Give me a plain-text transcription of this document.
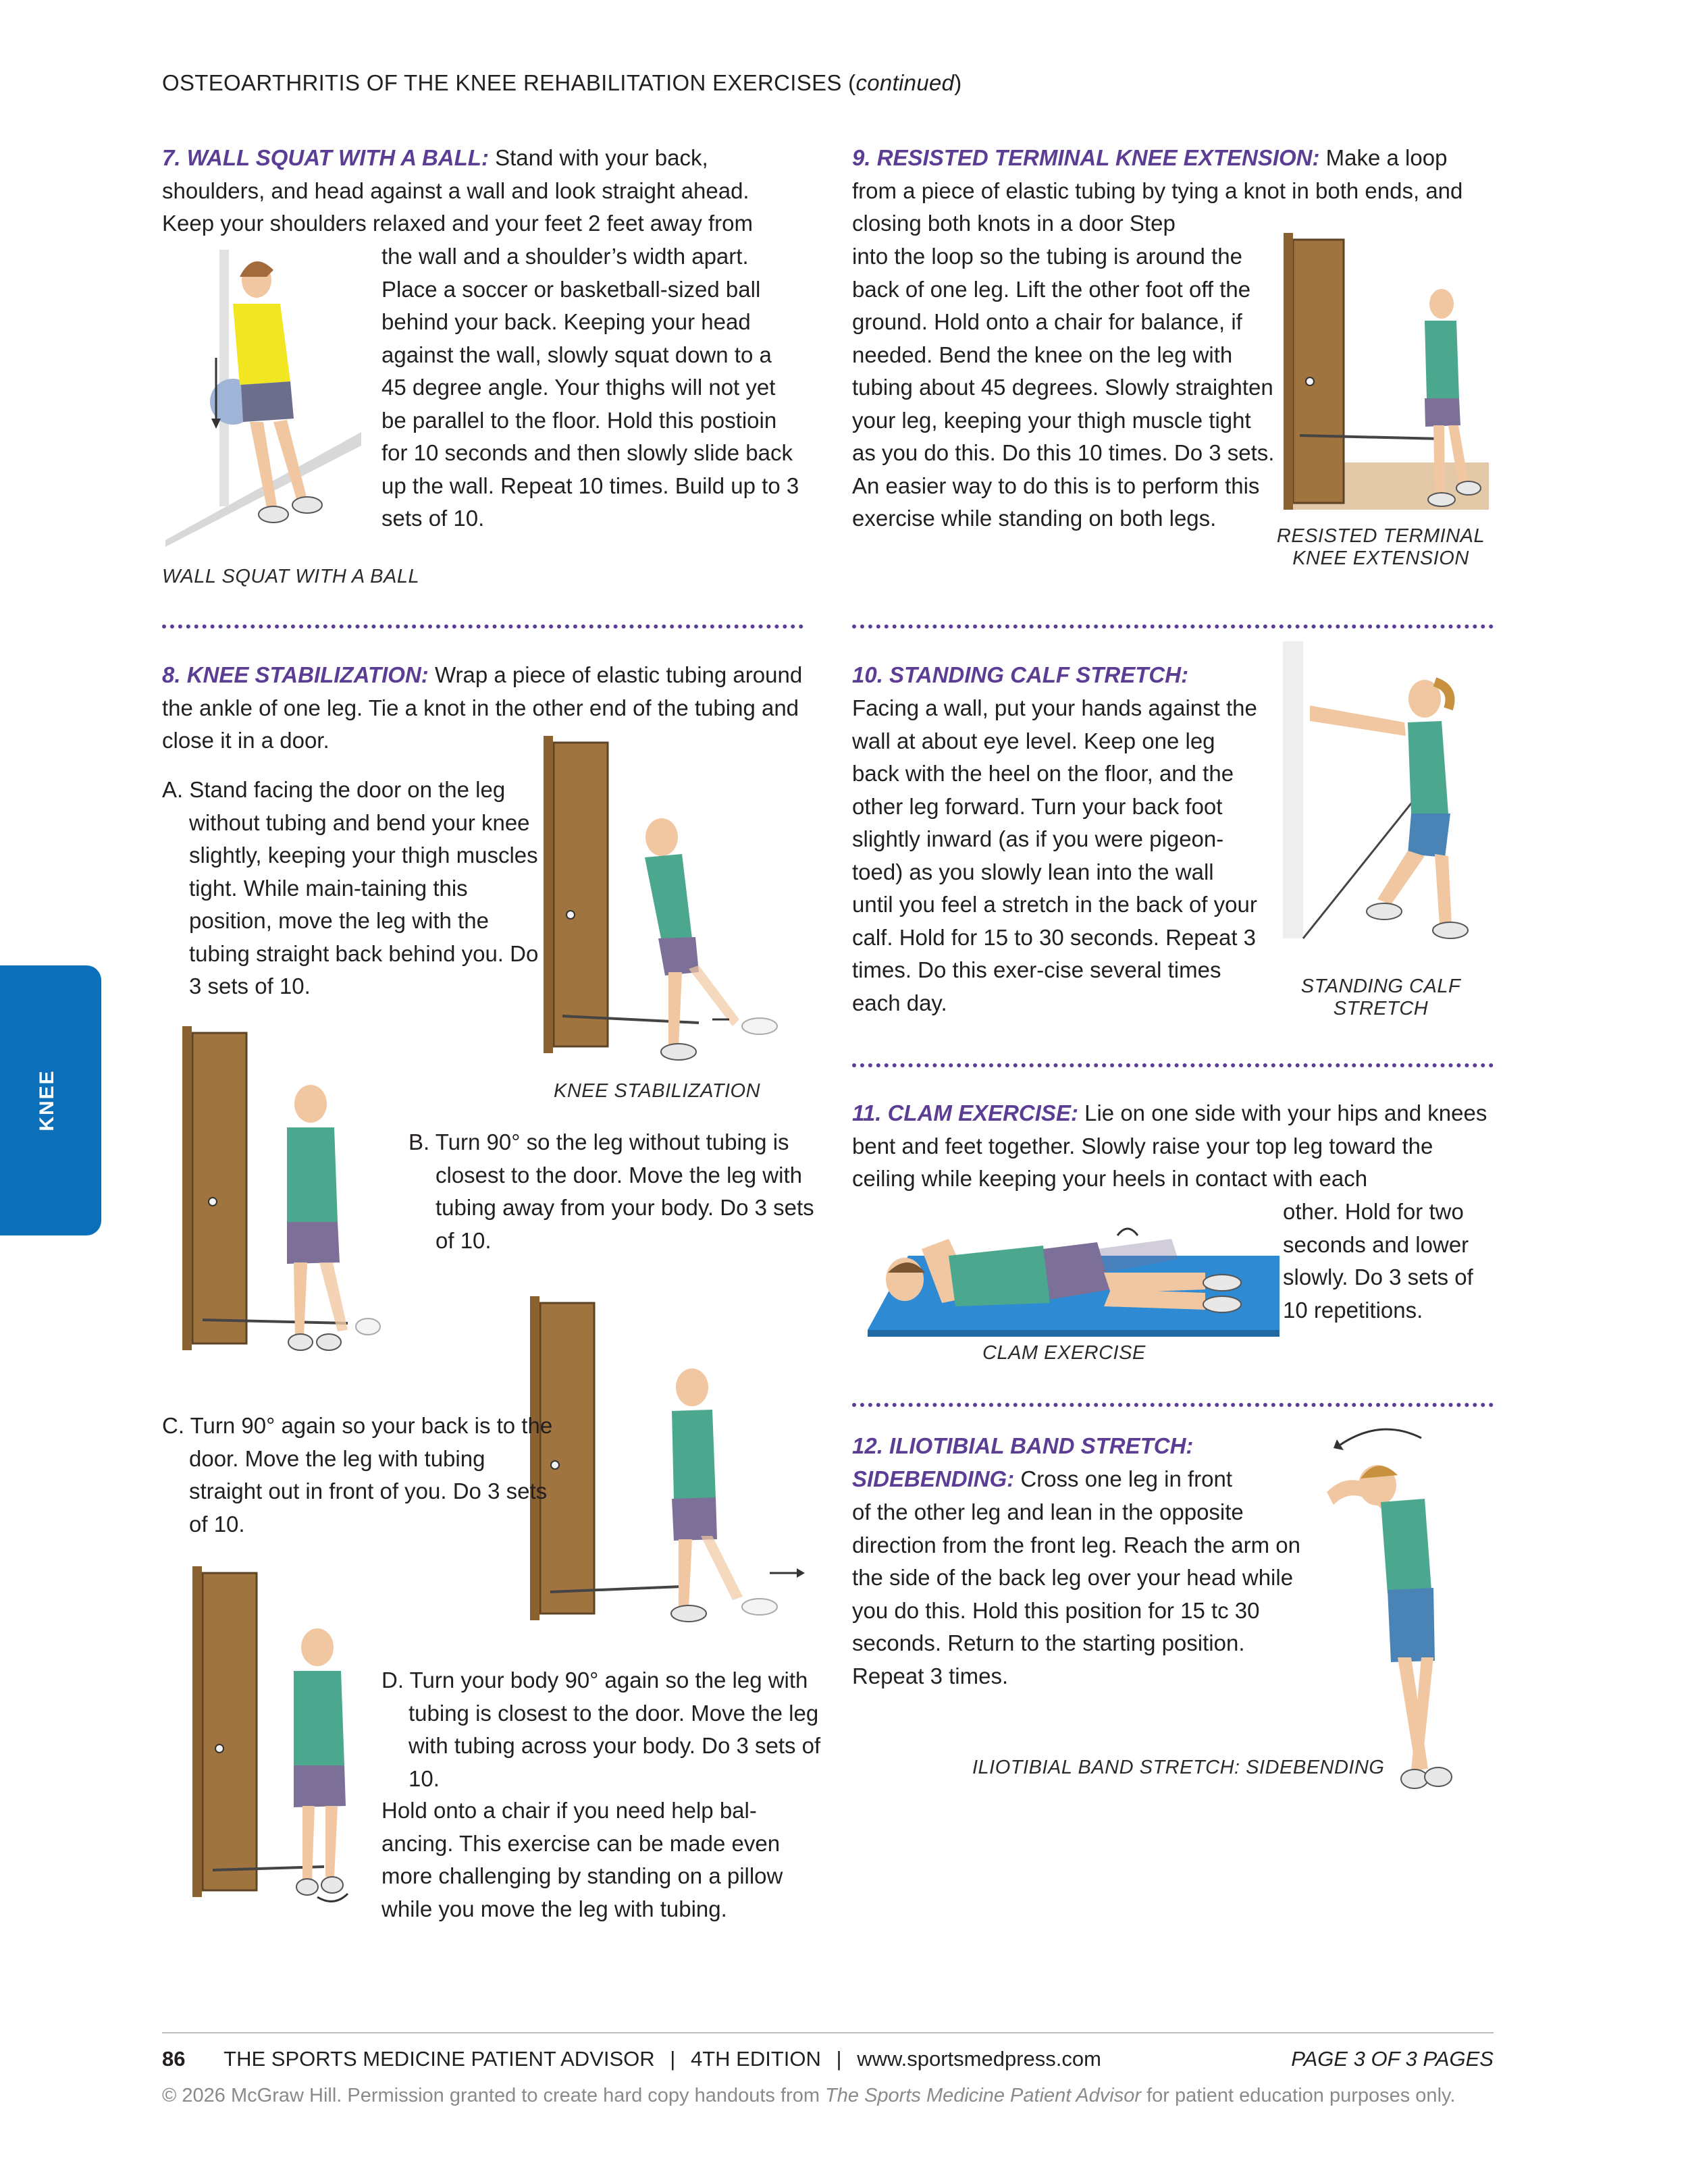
OSTEOARTHRITIS OF THE KNEE REHABILITATION EXERCISES (continued)
KNEE
7. WALL SQUAT WITH A BALL: Stand with your back, shoulders, and head against a wall and look straight ahead. Keep your shoulders relaxed and your feet 2 feet away from
the wall and a shoulder’s width apart. Place a soccer or basketball-sized ball behind your back. Keeping your head against the wall, slowly squat down to a 45 degree angle. Your thighs will not yet be parallel to the floor. Hold this postioin for 10 seconds and then slowly slide back up the wall. Repeat 10 times. Build up to 3 sets of 10.
WALL SQUAT WITH A BALL
8. KNEE STABILIZATION: Wrap a piece of elastic tubing around the ankle of one leg. Tie a knot in the other end of the tubing and close it in a door.
A. Stand facing the door on the leg without tubing and bend your knee slightly, keeping your thigh muscles tight. While main-taining this position, move the leg with the tubing straight back behind you. Do 3 sets of 10.
KNEE STABILIZATION
B. Turn 90° so the leg without tubing is closest to the door. Move the leg with tubing away from your body. Do 3 sets of 10.
C. Turn 90° again so your back is to the door. Move the leg with tubing straight out in front of you. Do 3 sets of 10.
D. Turn your body 90° again so the leg with tubing is closest to the door. Move the leg with tubing across your body. Do 3 sets of 10.
Hold onto a chair if you need help bal-ancing. This exercise can be made even more challenging by standing on a pillow while you move the leg with tubing.
9. RESISTED TERMINAL KNEE EXTENSION: Make a loop from a piece of elastic tubing by tying a knot in both ends, and closing both knots in a door Step
into the loop so the tubing is around the back of one leg. Lift the other foot off the ground. Hold onto a chair for balance, if needed. Bend the knee on the leg with tubing about 45 degrees. Slowly straighten your leg, keeping your thigh muscle tight as you do this. Do this 10 times. Do 3 sets. An easier way to do this is to perform this exercise while standing on both legs.
RESISTED TERMINAL
KNEE EXTENSION
10. STANDING CALF STRETCH:
Facing a wall, put your hands against the wall at about eye level. Keep one leg back with the heel on the floor, and the other leg forward. Turn your back foot slightly inward (as if you were pigeon-toed) as you slowly lean into the wall until you feel a stretch in the back of your calf. Hold for 15 to 30 seconds. Repeat 3 times. Do this exer-cise several times each day.
STANDING CALF
STRETCH
11. CLAM EXERCISE: Lie on one side with your hips and knees bent and feet together. Slowly raise your top leg toward the ceiling while keeping your heels in contact with each
other. Hold for two seconds and lower slowly. Do 3 sets of 10 repetitions.
CLAM EXERCISE
12. ILIOTIBIAL BAND STRETCH:
SIDEBENDING: Cross one leg in front
of the other leg and lean in the opposite direction from the front leg. Reach the arm on the side of the back leg over your head while you do this. Hold this position for 15 tc 30 seconds. Return to the starting position. Repeat 3 times.
ILIOTIBIAL BAND STRETCH: SIDEBENDING
86 THE SPORTS MEDICINE PATIENT ADVISOR | 4TH EDITION | www.sportsmedpress.com	PAGE 3 OF 3 PAGES
© 2026 McGraw Hill. Permission granted to create hard copy handouts from The Sports Medicine Patient Advisor for patient education purposes only.
